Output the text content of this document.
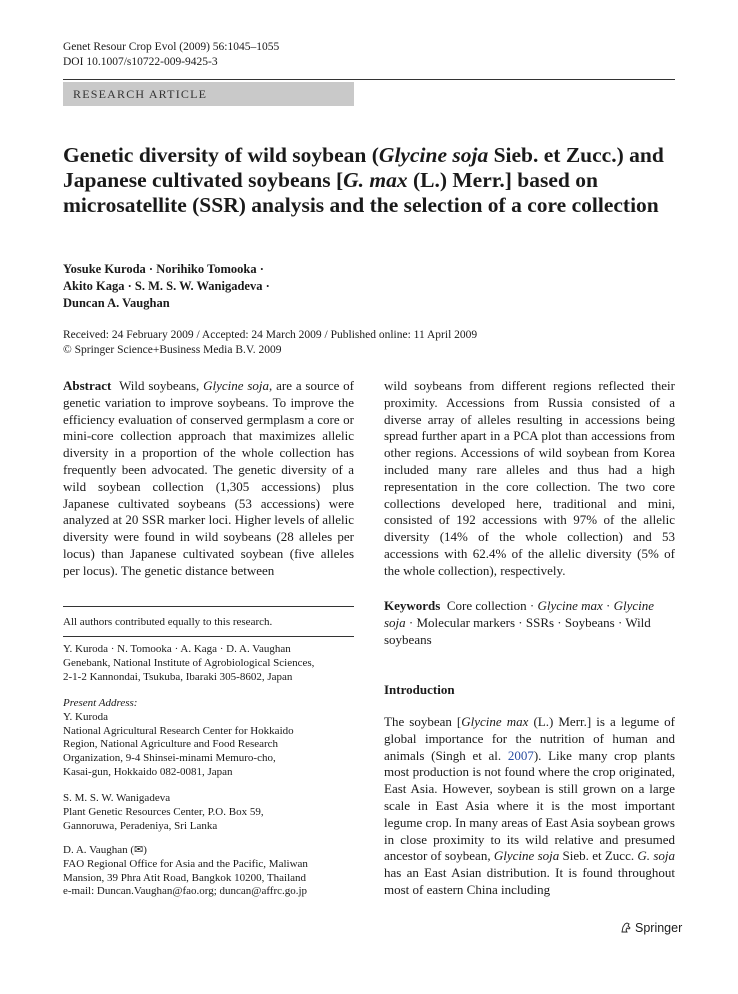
Genet Resour Crop Evol (2009) 56:1045–1055
DOI 10.1007/s10722-009-9425-3
RESEARCH ARTICLE
Genetic diversity of wild soybean (Glycine soja Sieb. et Zucc.) and Japanese cultivated soybeans [G. max (L.) Merr.] based on microsatellite (SSR) analysis and the selection of a core collection
Yosuke Kuroda · Norihiko Tomooka ·
Akito Kaga · S. M. S. W. Wanigadeva ·
Duncan A. Vaughan
Received: 24 February 2009 / Accepted: 24 March 2009 / Published online: 11 April 2009
© Springer Science+Business Media B.V. 2009
Abstract Wild soybeans, Glycine soja, are a source of genetic variation to improve soybeans. To improve the efficiency evaluation of conserved germplasm a core or mini-core collection approach that maximizes allelic diversity in a proportion of the whole collection has frequently been advocated. The genetic diversity of a wild soybean collection (1,305 accessions) plus Japanese cultivated soybeans (53 accessions) were analyzed at 20 SSR marker loci. Higher levels of allelic diversity were found in wild soybeans (28 alleles per locus) than Japanese cultivated soybean (five alleles per locus). The genetic distance between
wild soybeans from different regions reflected their proximity. Accessions from Russia consisted of a diverse array of alleles resulting in accessions being spread further apart in a PCA plot than accessions from other regions. Accessions of wild soybean from Korea included many rare alleles and thus had a high representation in the core collection. The two core collections developed here, traditional and mini, consisted of 192 accessions with 97% of the allelic diversity (14% of the whole collection) and 53 accessions with 62.4% of the allelic diversity (5% of the whole collection), respectively.
Keywords Core collection · Glycine max · Glycine soja · Molecular markers · SSRs · Soybeans · Wild soybeans
Introduction
The soybean [Glycine max (L.) Merr.] is a legume of global importance for the nutrition of human and animals (Singh et al. 2007). Like many crop plants most production is not found where the crop originated, East Asia. However, soybean is still grown on a large scale in East Asia where it is the most important legume crop. In many areas of East Asia soybean grows in close proximity to its wild relative and presumed ancestor of soybean, Glycine soja Sieb. et Zucc. G. soja has an East Asian distribution. It is found throughout most of eastern China including
All authors contributed equally to this research.
Y. Kuroda · N. Tomooka · A. Kaga · D. A. Vaughan
Genebank, National Institute of Agrobiological Sciences,
2-1-2 Kannondai, Tsukuba, Ibaraki 305-8602, Japan
Present Address:
Y. Kuroda
National Agricultural Research Center for Hokkaido
Region, National Agriculture and Food Research
Organization, 9-4 Shinsei-minami Memuro-cho,
Kasai-gun, Hokkaido 082-0081, Japan
S. M. S. W. Wanigadeva
Plant Genetic Resources Center, P.O. Box 59,
Gannoruwa, Peradeniya, Sri Lanka
D. A. Vaughan (✉)
FAO Regional Office for Asia and the Pacific, Maliwan
Mansion, 39 Phra Atit Road, Bangkok 10200, Thailand
e-mail: Duncan.Vaughan@fao.org; duncan@affrc.go.jp
Springer
